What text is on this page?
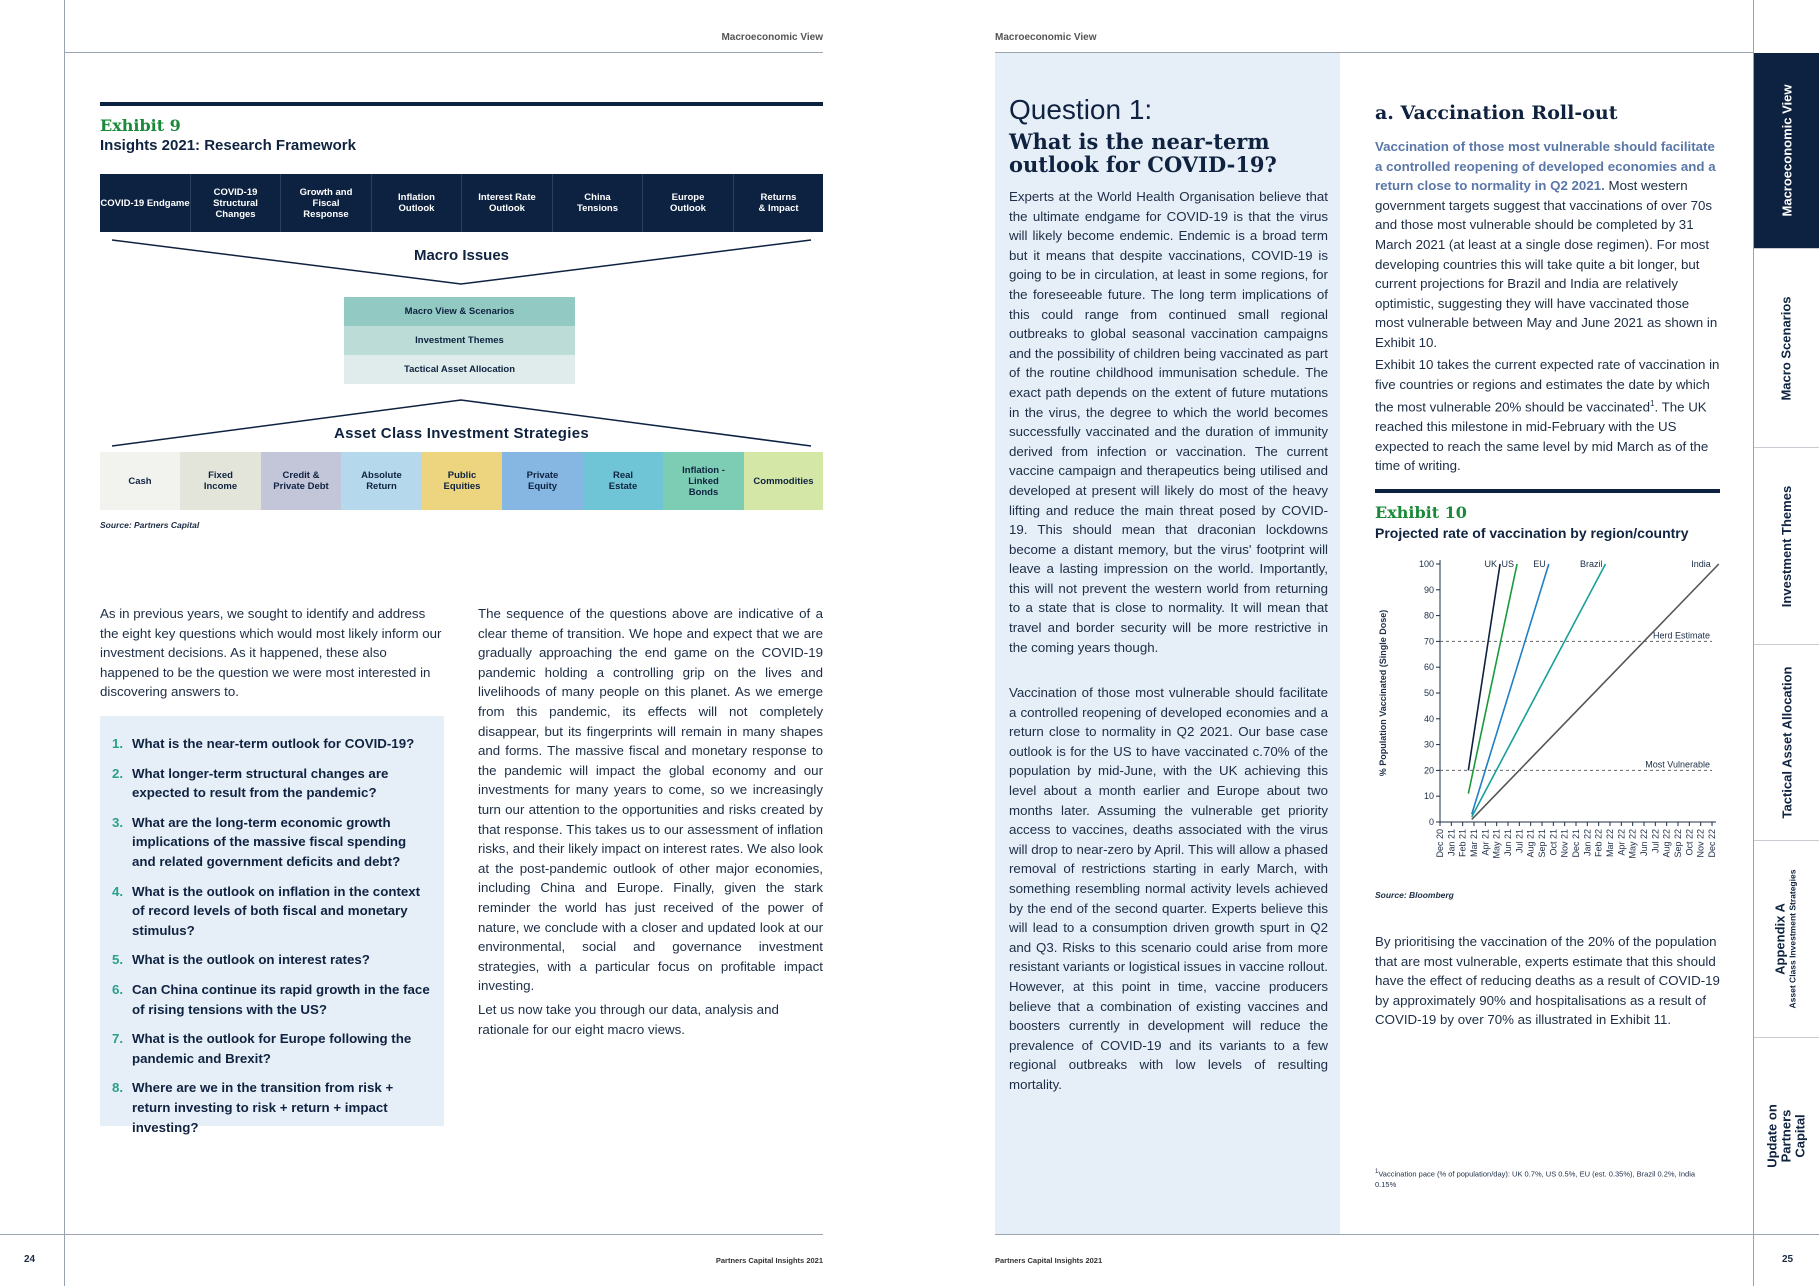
Macroeconomic View
Exhibit 9
Insights 2021: Research Framework
COVID-19 Endgame
COVID-19 Structural Changes
Growth and Fiscal Response
Inflation Outlook
Interest Rate Outlook
China Tensions
Europe Outlook
Returns & Impact
Macro Issues
Macro View & Scenarios
Investment Themes
Tactical Asset Allocation
Asset Class Investment Strategies
Cash	Fixed Income
Credit & Private Debt
Absolute Return
Public Equities
Private Equity
Real Estate
Inflation -Linked Bonds
Commodities
Source: Partners Capital
As in previous years, we sought to identify and address the eight key questions which would most likely inform our investment decisions. As it happened, these also happened to be the question we were most interested in discovering answers to.
1. What is the near-term outlook for COVID-19?
2. What longer-term structural changes are expected to result from the pandemic?
3. What are the long-term economic growth implications of the massive fiscal spending and related government deficits and debt?
4. What is the outlook on inflation in the context of record levels of both fiscal and monetary stimulus?
5. What is the outlook on interest rates?
6. Can China continue its rapid growth in the face of rising tensions with the US?
7. What is the outlook for Europe following the pandemic and Brexit?
8. Where are we in the transition from risk + return investing to risk + return + impact investing?
The sequence of the questions above are indicative of a clear theme of transition. We hope and expect that we are gradually approaching the end game on the COVID-19 pandemic holding a controlling grip on the lives and livelihoods of many people on this planet. As we emerge from this pandemic, its effects will not completely disappear, but its fingerprints will remain in many shapes and forms. The massive fiscal and monetary response to the pandemic will impact the global economy and our investments for many years to come, so we increasingly turn our attention to the opportunities and risks created by that response. This takes us to our assessment of inflation risks, and their likely impact on interest rates. We also look at the post-pandemic outlook of other major economies, including China and Europe. Finally, given the stark reminder the world has just received of the power of nature, we conclude with a closer and updated look at our environmental, social and governance investment strategies, with a particular focus on profitable impact investing.
Let us now take you through our data, analysis and rationale for our eight macro views.
Partners Capital Insights 2021
24
Macroeconomic View
Question 1:
What is the near-term outlook for COVID-19?
Experts at the World Health Organisation believe that the ultimate endgame for COVID-19 is that the virus will likely become endemic. Endemic is a broad term but it means that despite vaccinations, COVID-19 is going to be in circulation, at least in some regions, for the foreseeable future. The long term implications of this could range from continued small regional outbreaks to global seasonal vaccination campaigns and the possibility of children being vaccinated as part of the routine childhood immunisation schedule. The exact path depends on the extent of future mutations in the virus, the degree to which the world becomes successfully vaccinated and the duration of immunity derived from infection or vaccination. The current vaccine campaign and therapeutics being utilised and developed at present will likely do most of the heavy lifting and reduce the main threat posed by COVID-19. This should mean that draconian lockdowns become a distant memory, but the virus' footprint will leave a lasting impression on the world. Importantly, this will not prevent the western world from returning to a state that is close to normality. It will mean that travel and border security will be more restrictive in the coming years though.
Vaccination of those most vulnerable should facilitate a controlled reopening of developed economies and a return close to normality in Q2 2021. Our base case outlook is for the US to have vaccinated c.70% of the population by mid-June, with the UK achieving this level about a month earlier and Europe about two months later. Assuming the vulnerable get priority access to vaccines, deaths associated with the virus will drop to near-zero by April. This will allow a phased removal of restrictions starting in early March, with something resembling normal activity levels achieved by the end of the second quarter. Experts believe this will lead to a consumption driven growth spurt in Q2 and Q3. Risks to this scenario could arise from more resistant variants or logistical issues in vaccine rollout. However, at this point in time, vaccine producers believe that a combination of existing vaccines and boosters currently in development will reduce the prevalence of COVID-19 and its variants to a few regional outbreaks with low levels of resulting mortality.
a. Vaccination Roll-out
Vaccination of those most vulnerable should facilitate a controlled reopening of developed economies and a return close to normality in Q2 2021. Most western government targets suggest that vaccinations of over 70s and those most vulnerable should be completed by 31 March 2021 (at least at a single dose regimen). For most developing countries this will take quite a bit longer, but current projections for Brazil and India are relatively optimistic, suggesting they will have vaccinated those most vulnerable between May and June 2021 as shown in Exhibit 10.
Exhibit 10 takes the current expected rate of vaccination in five countries or regions and estimates the date by which the most vulnerable 20% should be vaccinated$^1$. The UK reached this milestone in mid-February with the US expected to reach the same level by mid March as of the time of writing.
Exhibit 10
Projected rate of vaccination by region/country
0
10
20
30
40
50
60
70
80
90
100
% Population Vaccinated (Single Dose)
Dec 20 Jan 21 Feb 21 Mar 21 Apr 21 May 21 Jun 21 Jul 21 Aug 21 Sep 21 Oct 21 Nov 21 Dec 21 Jan 22 Feb 22 Mar 22 Apr 22 May 22 Jun 22 Jul 22 Aug 22 Sep 22 Oct 22 Nov 22 Dec 22
Herd Estimate
Most Vulnerable
UK US EU	Brazil	India
Source: Bloomberg
By prioritising the vaccination of the 20% of the population that are most vulnerable, experts estimate that this should have the effect of reducing deaths as a result of COVID-19 by approximately 90% and hospitalisations as a result of COVID-19 by over 70% as illustrated in Exhibit 11.
$^1$Vaccination pace (% of population/day): UK 0.7%, US 0.5%, EU (est. 0.35%), Brazil 0.2%, India 0.15%
Partners Capital Insights 2021	25
Macroeconomic View
Macro Scenarios
Investment Themes
Tactical Asset Allocation
Appendix A Asset Class Investment Strategies
Update on Partners Capital
